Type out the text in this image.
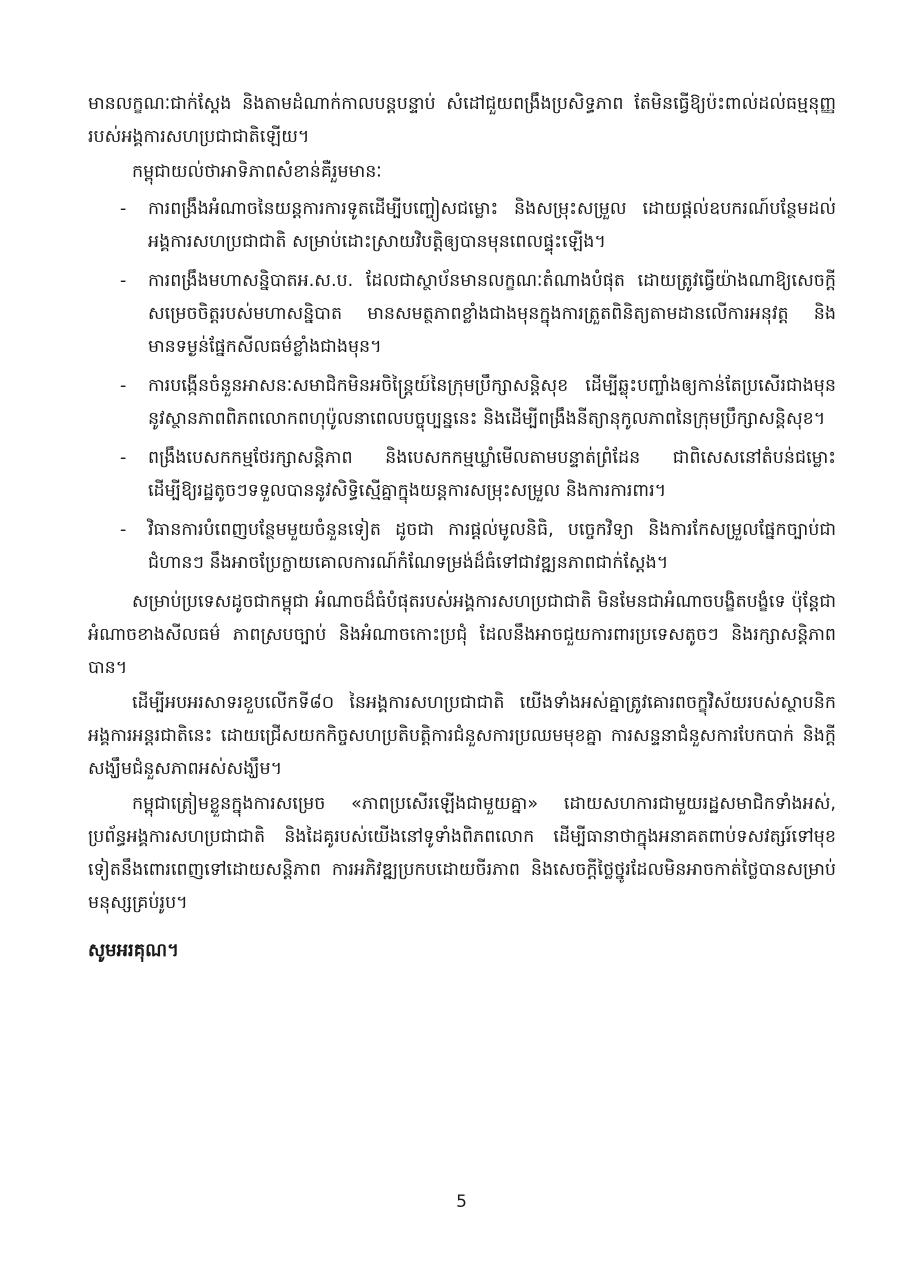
មានលក្ខណៈជាក់ស្តែង និងតាមដំណាក់កាលបន្តបន្ទាប់ សំដៅជួយពង្រឹងប្រសិទ្ធភាព តែមិនធ្វើឱ្យប៉ះពាល់ដល់ធម្មនុញ្ញរបស់អង្គការសហប្រជាជាតិឡើយ។

កម្ពុជាយល់ថាអាទិភាពសំខាន់គឺរួមមានៈ

- ការពង្រឹងអំណាចនៃយន្តការការទូតដើម្បីបញ្ចៀសជម្លោះ និងសម្រុះសម្រួល ដោយផ្តល់ឧបករណ៍បន្ថែមដល់អង្គការសហប្រជាជាតិ សម្រាប់ដោះស្រាយវិបត្តិឲ្យបានមុនពេលផ្ទុះឡើង។
- ការពង្រឹងមហាសន្និបាតអ.ស.ប. ដែលជាស្ថាប័នមានលក្ខណៈតំណាងបំផុត ដោយត្រូវធ្វើយ៉ាងណាឱ្យសេចក្តីសម្រេចចិត្តរបស់មហាសន្និបាត មានសមត្ថភាពខ្លាំងជាងមុនក្នុងការត្រួតពិនិត្យតាមដានលើការអនុវត្ត និងមានទម្ងន់ផ្នែកសីលធម៌ខ្លាំងជាងមុន។
- ការបង្កើនចំនួនអាសនៈសមាជិកមិនអចិន្ត្រៃយ៍នៃក្រុមប្រឹក្សាសន្តិសុខ ដើម្បីឆ្លុះបញ្ចាំងឲ្យកាន់តែប្រសើរជាងមុននូវស្ថានភាពពិភពលោកពហុប៉ូលនាពេលបច្ចុប្បន្ននេះ និងដើម្បីពង្រឹងនីត្យានុកូលភាពនៃក្រុមប្រឹក្សាសន្តិសុខ។
- ពង្រឹងបេសកកម្មថែរក្សាសន្តិភាព និងបេសកកម្មឃ្លាំមើលតាមបន្ទាត់ព្រំដែន ជាពិសេសនៅតំបន់ជម្លោះ ដើម្បីឱ្យរដ្ឋតូចៗទទួលបាននូវសិទ្ធិស្មើគ្នាក្នុងយន្តការសម្រុះសម្រួល និងការការពារ។
- វិធានការបំពេញបន្ថែមមួយចំនួនទៀត ដូចជា ការផ្តល់មូលនិធិ, បច្ចេកវិទ្យា និងការកែសម្រួលផ្នែកច្បាប់ជាជំហានៗ នឹងអាចប្រែក្លាយគោលការណ៍កំណែទម្រង់ដ៏ធំទៅជាវឌ្ឍនភាពជាក់ស្តែង។

សម្រាប់ប្រទេសដូចជាកម្ពុជា អំណាចដ៏ធំបំផុតរបស់អង្គការសហប្រជាជាតិ មិនមែនជាអំណាចបង្ខិតបង្ខំទេ ប៉ុន្តែជាអំណាចខាងសីលធម៌ ភាពស្របច្បាប់ និងអំណាចកោះប្រជុំ ដែលនឹងអាចជួយការពារប្រទេសតូចៗ និងរក្សាសន្តិភាពបាន។

ដើម្បីអបអរសាទរខួបលើកទី៨០ នៃអង្គការសហប្រជាជាតិ យើងទាំងអស់គ្នាត្រូវគោរពចក្ខុវិស័យរបស់ស្ថាបនិកអង្គការអន្តរជាតិនេះ ដោយជ្រើសយកកិច្ចសហប្រតិបត្តិការជំនួសការប្រឈមមុខគ្នា ការសន្ទនាជំនួសការបែកបាក់ និងក្តីសង្ឃឹមជំនួសភាពអស់សង្ឃឹម។

កម្ពុជាត្រៀមខ្លួនក្នុងការសម្រេច «ភាពប្រសើរឡើងជាមួយគ្នា» ដោយសហការជាមួយរដ្ឋសមាជិកទាំងអស់, ប្រព័ន្ធអង្គការសហប្រជាជាតិ និងដៃគូរបស់យើងនៅទូទាំងពិភពលោក ដើម្បីធានាថាក្នុងអនាគតពាប់ទសវត្សរ៍ទៅមុខទៀតនឹងពោរពេញទៅដោយសន្តិភាព ការអភិវឌ្ឍប្រកបដោយចីរភាព និងសេចក្តីថ្លៃថ្នូរដែលមិនអាចកាត់ថ្លៃបានសម្រាប់មនុស្សគ្រប់រូប។

សូមអរគុណ។
5
